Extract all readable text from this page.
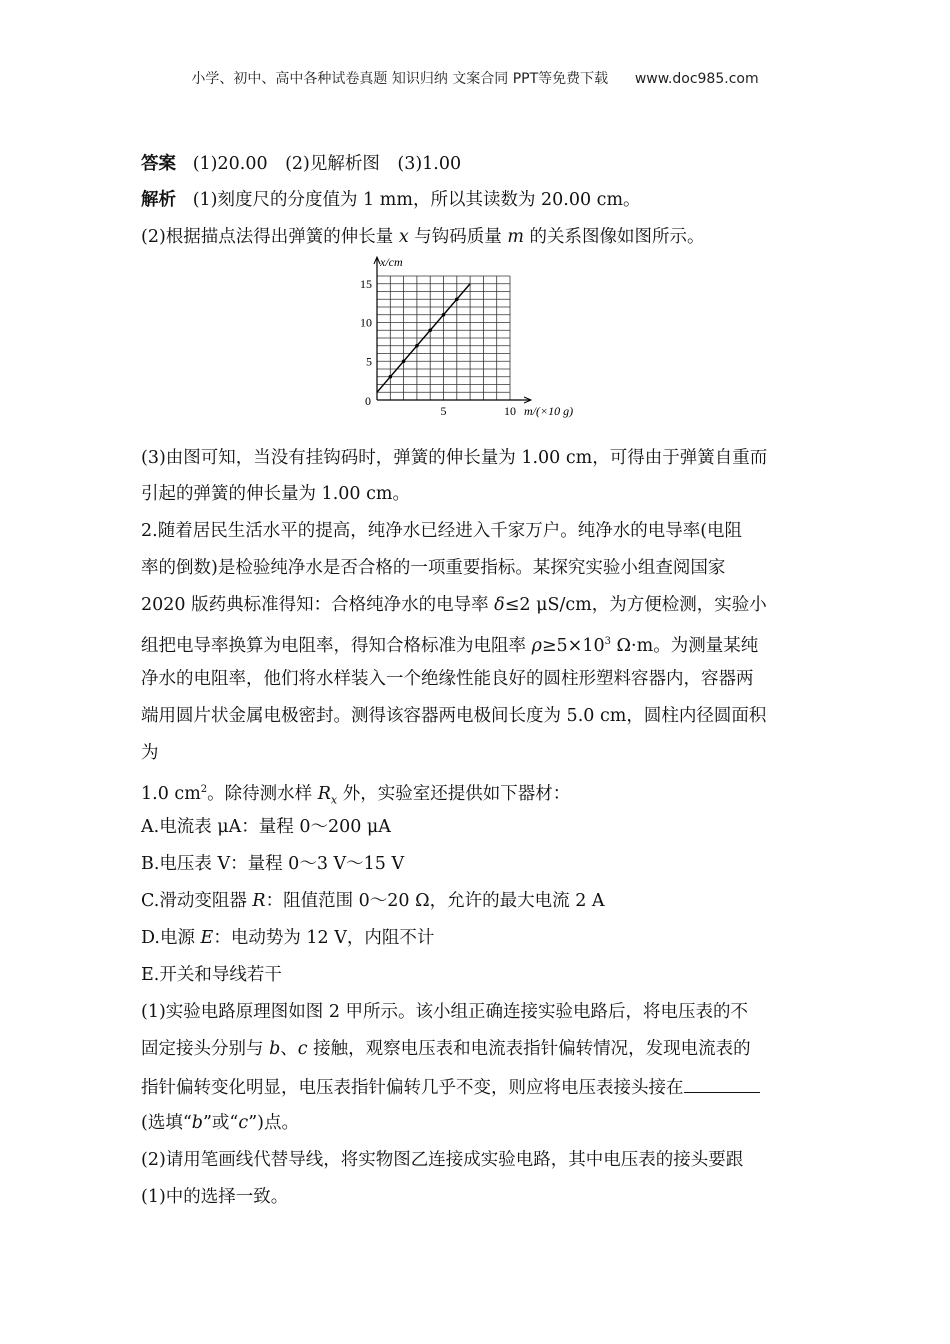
小学、初中、高中各种试卷真题 知识归纳 文案合同 PPT等免费下载      www.doc985.com
答案 (1)20.00　(2)见解析图　(3)1.00
解析 (1)刻度尺的分度值为 1 mm，所以其读数为 20.00 cm。
(2)根据描点法得出弹簧的伸长量 x 与钩码质量 m 的关系图像如图所示。
5
10
15
5	10
0
x/cm
m/(×10 g)
(3)由图可知，当没有挂钩码时，弹簧的伸长量为 1.00 cm，可得由于弹簧自重而
引起的弹簧的伸长量为 1.00 cm。
2.随着居民生活水平的提高，纯净水已经进入千家万户。纯净水的电导率(电阻
率的倒数)是检验纯净水是否合格的一项重要指标。某探究实验小组查阅国家
2020 版药典标准得知：合格纯净水的电导率 δ≤2 μS/cm，为方便检测，实验小
组把电导率换算为电阻率，得知合格标准为电阻率 $\rho\ge 5\times 10^3$ Ω·m。为测量某纯
净水的电阻率，他们将水样装入一个绝缘性能良好的圆柱形塑料容器内，容器两
端用圆片状金属电极密封。测得该容器两电极间长度为 5.0 cm，圆柱内径圆面积
为
1.0 $cm^2$。除待测水样 $R_x$ 外，实验室还提供如下器材：
A.电流表 μA：量程 0～200 μA
B.电压表 V：量程 0～3 V～15 V
C.滑动变阻器 R：阻值范围 0～20 Ω，允许的最大电流 2 A
D.电源 E：电动势为 12 V，内阻不计
E.开关和导线若干
(1)实验电路原理图如图 2 甲所示。该小组正确连接实验电路后，将电压表的不
固定接头分别与 b、c 接触，观察电压表和电流表指针偏转情况，发现电流表的
指针偏转变化明显，电压表指针偏转几乎不变，则应将电压表接头接在
(选填“b”或“c”)点。
(2)请用笔画线代替导线，将实物图乙连接成实验电路，其中电压表的接头要跟
(1)中的选择一致。
